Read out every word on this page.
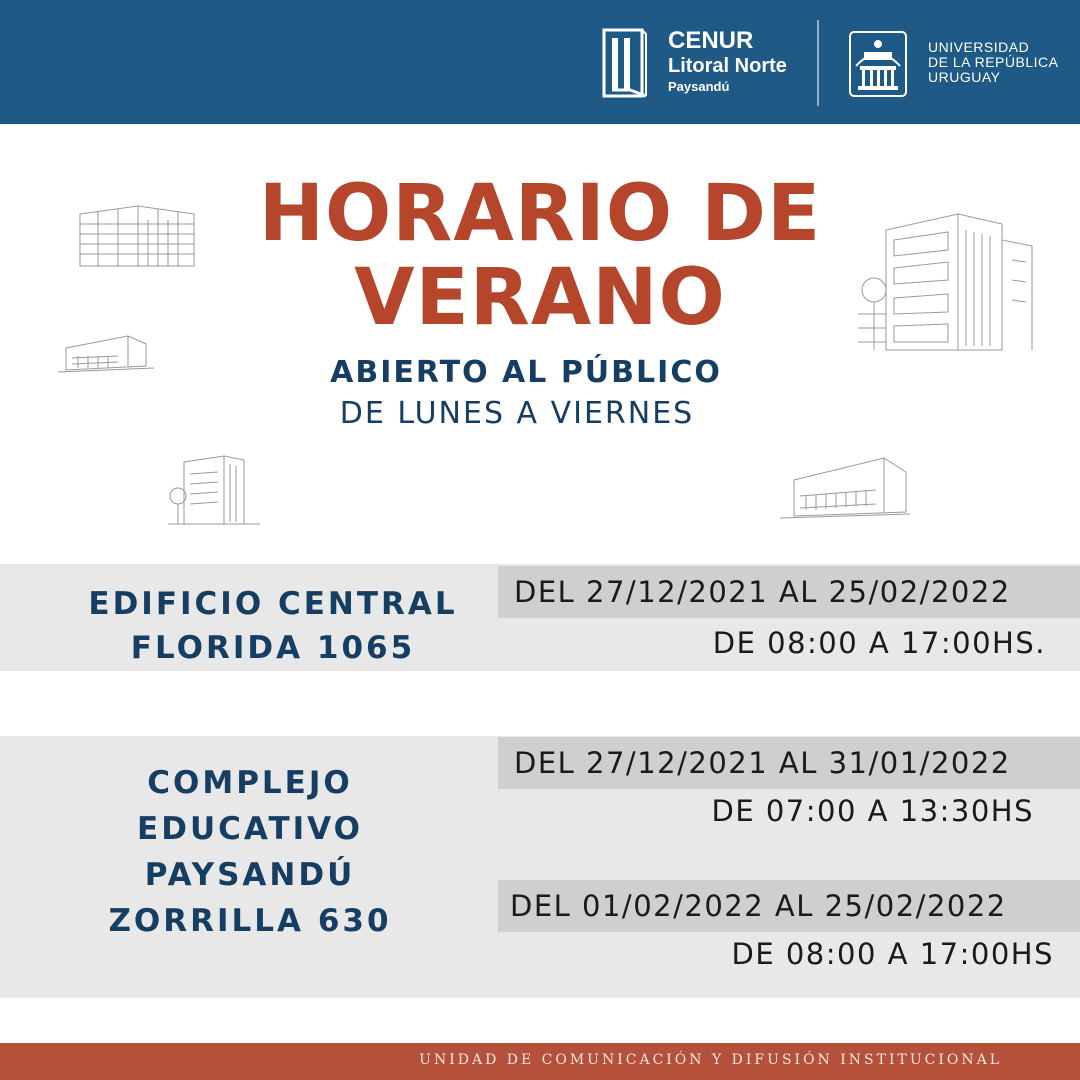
CENUR
Litoral Norte
Paysandú
UNIVERSIDAD
DE LA REPÚBLICA
URUGUAY
HORARIO DE
VERANO
ABIERTO AL PÚBLICO
DE LUNES A VIERNES
EDIFICIO CENTRAL
FLORIDA 1065
DEL 27/12/2021 AL 25/02/2022
DE 08:00 A 17:00HS.
COMPLEJO
EDUCATIVO
PAYSANDÚ
ZORRILLA 630
DEL 27/12/2021 AL 31/01/2022
DE 07:00 A 13:30HS
DEL 01/02/2022 AL 25/02/2022
DE 08:00 A 17:00HS
UNIDAD DE COMUNICACIÓN Y DIFUSIÓN INSTITUCIONAL
